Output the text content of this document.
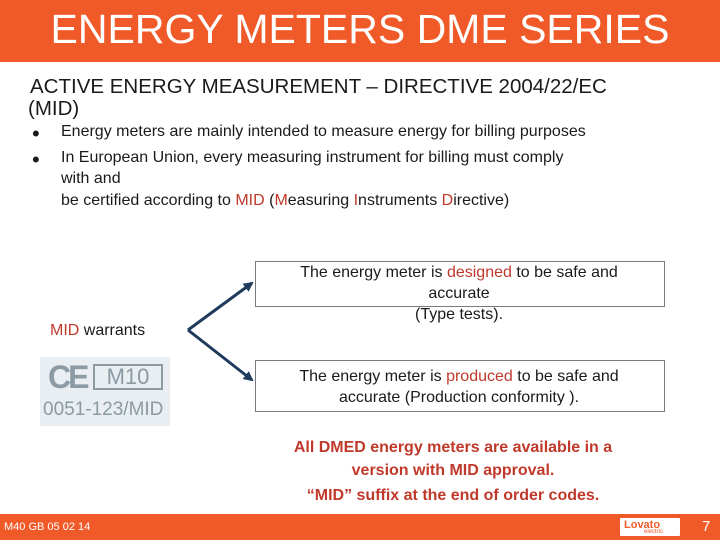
ENERGY METERS DME SERIES
ACTIVE ENERGY MEASUREMENT – DIRECTIVE 2004/22/EC
(MID)
• Energy meters are mainly intended to measure energy for billing purposes
• In European Union, every measuring instrument for billing must comply
with and
be certified according to MID (Measuring Instruments Directive)
MID warrants
CE M10
0051-123/MID
The energy meter is designed to be safe and
accurate
(Type tests).
The energy meter is produced to be safe and
accurate (Production conformity ).
All DMED energy meters are available in a
version with MID approval.
“MID” suffix at the end of order codes.
M40 GB 05 02 14	Lovato
electric	7
